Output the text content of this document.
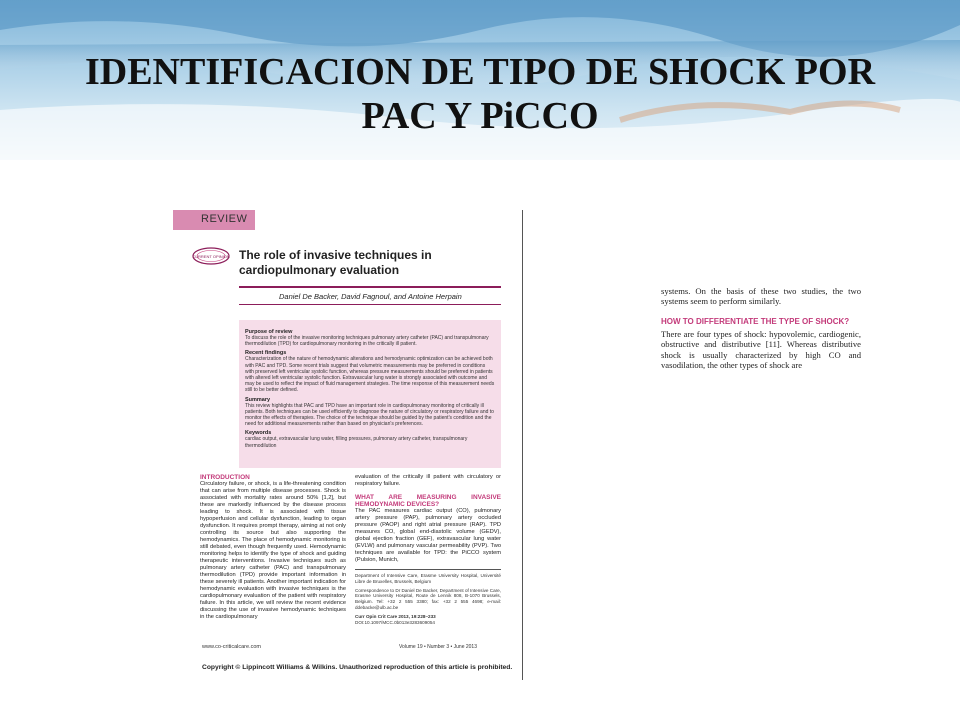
IDENTIFICACION DE TIPO DE SHOCK POR
PAC Y PiCCO
REVIEW
CURRENT OPINION The role of invasive techniques in cardiopulmonary evaluation
Daniel De Backer, David Fagnoul, and Antoine Herpain
Purpose of review
To discuss the role of the invasive monitoring techniques pulmonary artery catheter (PAC) and transpulmonary thermodilution (TPD) for cardiopulmonary monitoring in the critically ill patient.
Recent findings
Characterization of the nature of hemodynamic alterations and hemodynamic optimization can be achieved both with PAC and TPD. Some recent trials suggest that volumetric measurements may be preferred in conditions with preserved left ventricular systolic function, whereas pressure measurements should be preferred in patients with altered left ventricular systolic function. Extravascular lung water is strongly associated with outcome and may be used to reflect the impact of fluid management strategies. The time response of this measurement needs still to be better defined.
Summary
This review highlights that PAC and TPD have an important role in cardiopulmonary monitoring of critically ill patients. Both techniques can be used efficiently to diagnose the nature of circulatory or respiratory failure and to monitor the effects of therapies. The choice of the technique should be guided by the patient's condition and the need for additional measurements rather than based on physician's preferences.
Keywords
cardiac output, extravascular lung water, filling pressures, pulmonary artery catheter, transpulmonary thermodilution
INTRODUCTION
Circulatory failure, or shock, is a life-threatening condition that can arise from multiple disease processes. Shock is associated with mortality rates around 50% [1,2], but these are markedly influenced by the disease process leading to shock. It is associated with tissue hypoperfusion and cellular dysfunction, leading to organ dysfunction. It requires prompt therapy, aiming at not only controlling its source but also supporting the hemodynamics. The place of hemodynamic monitoring is still debated, even though frequently used. Hemodynamic monitoring helps to identify the type of shock and guiding therapeutic interventions. Invasive techniques such as pulmonary artery catheter (PAC) and transpulmonary thermodilution (TPD) provide important information in these severely ill patients. Another important indication for hemodynamic evaluation with invasive techniques is the cardiopulmonary evaluation of the patient with respiratory failure. In this article, we will review the recent evidence discussing the use of invasive hemodynamic techniques in the cardiopulmonary
evaluation of the critically ill patient with circulatory or respiratory failure.
WHAT ARE MEASURING INVASIVE HEMODYNAMIC DEVICES?
The PAC measures cardiac output (CO), pulmonary artery pressure (PAP), pulmonary artery occluded pressure (PAOP) and right atrial pressure (RAP). TPD measures CO, global end-diastolic volume (GEDV), global ejection fraction (GEF), extravascular lung water (EVLW) and pulmonary vascular permeability (PVP). Two techniques are available for TPD: the PiCCO system (Pulsion, Munich,
Department of Intensive Care, Erasme University Hospital, Université Libre de Bruxelles, Brussels, Belgium
Correspondence to Dr Daniel De Backer, Department of Intensive Care, Erasme University Hospital, Route de Lennik 808, B-1070 Brussels, Belgium. Tel: +32 2 555 3380; fax: +32 2 555 4698; e-mail: ddebacke@ulb.ac.be
Curr Opin Crit Care 2013, 19:228–233
DOI:10.1097/MCC.0b013e3283609054
www.co-criticalcare.com	Volume 19 • Number 3 • June 2013
Copyright © Lippincott Williams & Wilkins. Unauthorized reproduction of this article is prohibited.
systems. On the basis of these two studies, the two systems seem to perform similarly.
HOW TO DIFFERENTIATE THE TYPE OF SHOCK?
There are four types of shock: hypovolemic, cardiogenic, obstructive and distributive [11]. Whereas distributive shock is usually characterized by high CO and vasodilation, the other types of shock are
